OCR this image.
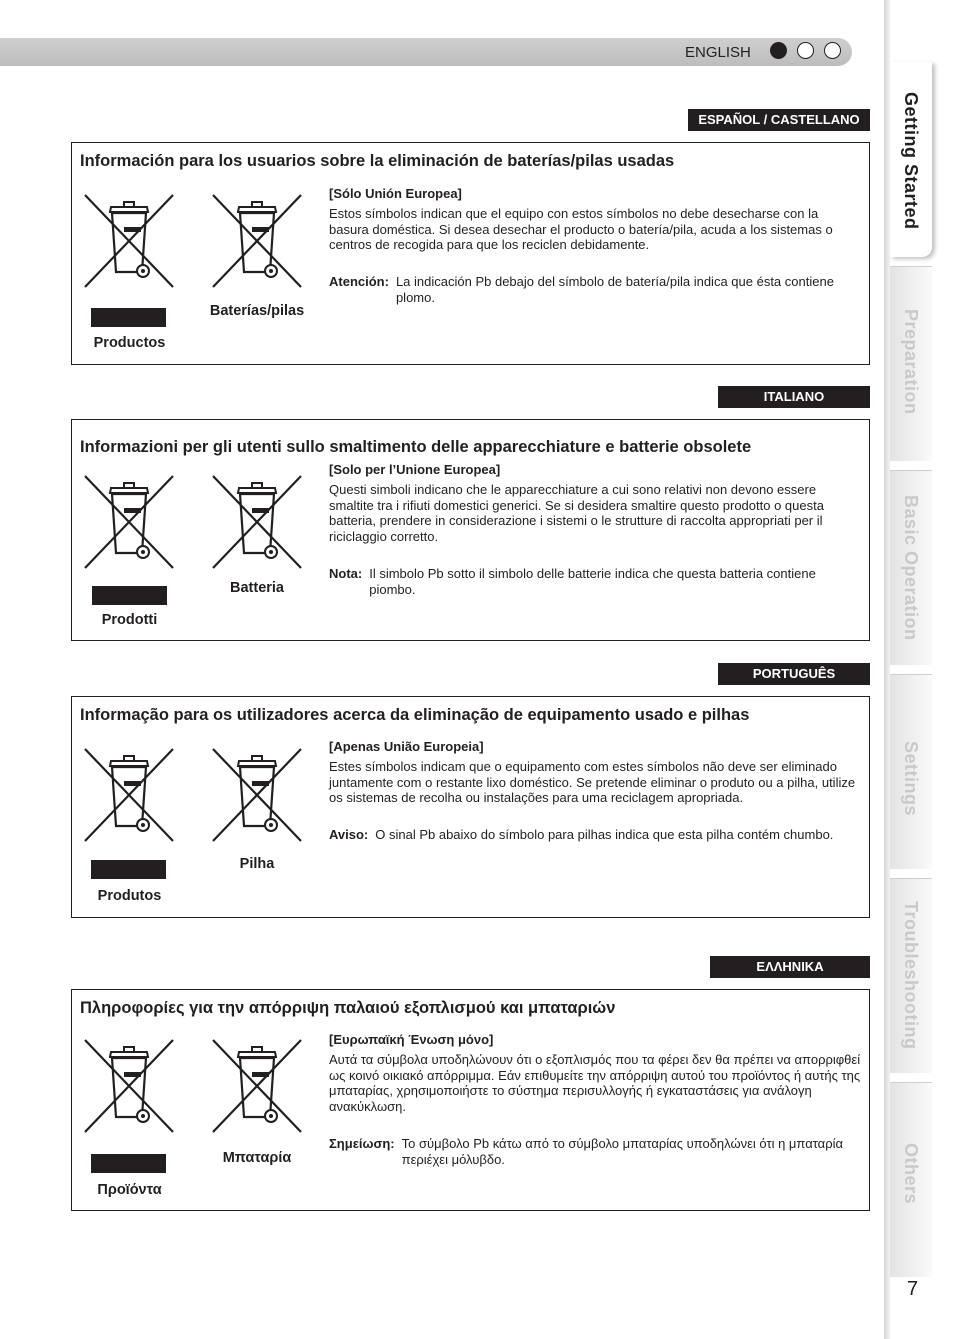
ENGLISH
Getting Started
Preparation
Basic Operation
Settings
Troubleshooting
Others
7
ESPAÑOL / CASTELLANO
Información para los usuarios sobre la eliminación de baterías/pilas usadas
Productos
Baterías/pilas
[Sólo Unión Europea]
Estos símbolos indican que el equipo con estos símbolos no debe desecharse con la basura doméstica. Si desea desechar el producto o batería/pila, acuda a los sistemas o centros de recogida para que los reciclen debidamente.
Atención: La indicación Pb debajo del símbolo de batería/pila indica que ésta contiene plomo.
ITALIANO
Informazioni per gli utenti sullo smaltimento delle apparecchiature e batterie obsolete
Prodotti
Batteria
[Solo per l’Unione Europea]
Questi simboli indicano che le apparecchiature a cui sono relativi non devono essere smaltite tra i rifiuti domestici generici. Se si desidera smaltire questo prodotto o questa batteria, prendere in considerazione i sistemi o le strutture di raccolta appropriati per il riciclaggio corretto.
Nota: Il simbolo Pb sotto il simbolo delle batterie indica che questa batteria contiene piombo.
PORTUGUÊS
Informação para os utilizadores acerca da eliminação de equipamento usado e pilhas
Produtos
Pilha
[Apenas União Europeia]
Estes símbolos indicam que o equipamento com estes símbolos não deve ser eliminado juntamente com o restante lixo doméstico. Se pretende eliminar o produto ou a pilha, utilize os sistemas de recolha ou instalações para uma reciclagem apropriada.
Aviso: O sinal Pb abaixo do símbolo para pilhas indica que esta pilha contém chumbo.
ΕΛΛΗΝΙΚΑ
Πληροφορίες για την απόρριψη παλαιού εξοπλισμού και μπαταριών
Προϊόντα
Μπαταρία
[Ευρωπαϊκή Ένωση μόνο]
Αυτά τα σύμβολα υποδηλώνουν ότι ο εξοπλισμός που τα φέρει δεν θα πρέπει να απορριφθεί ως κοινό οικιακό απόρριμμα. Εάν επιθυμείτε την απόρριψη αυτού του προϊόντος ή αυτής της μπαταρίας, χρησιμοποιήστε το σύστημα περισυλλογής ή εγκαταστάσεις για ανάλογη ανακύκλωση.
Σημείωση: Το σύμβολο Pb κάτω από το σύμβολο μπαταρίας υποδηλώνει ότι η μπαταρία περιέχει μόλυβδο.
